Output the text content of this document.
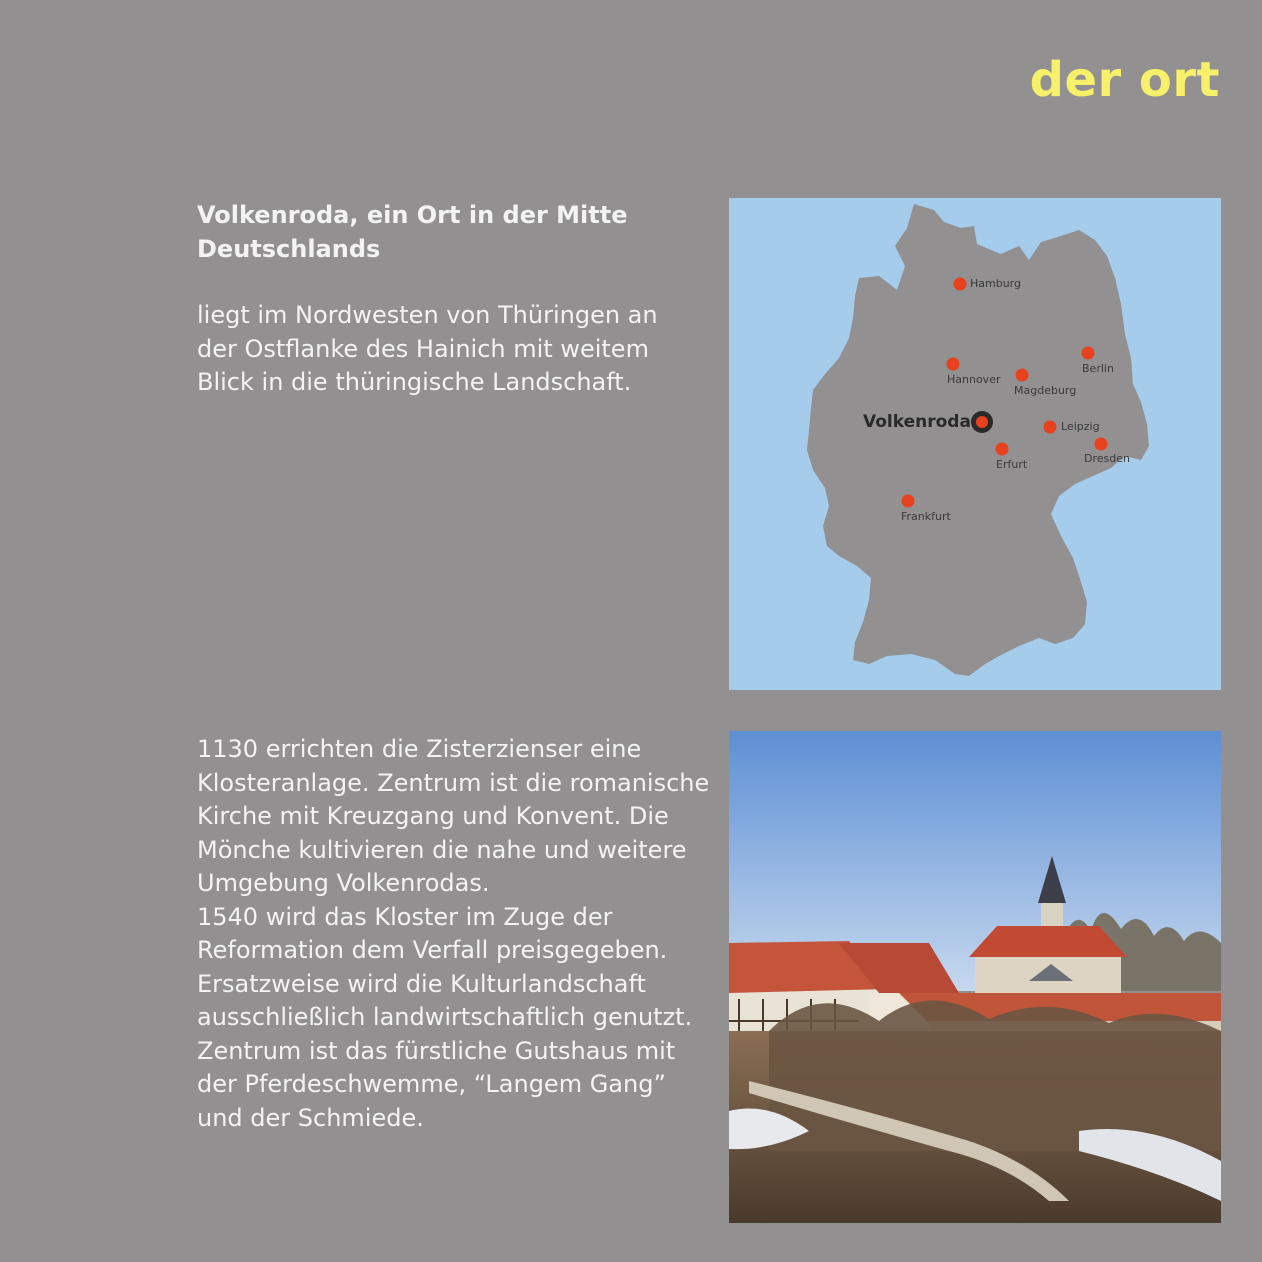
der ort

Volkenroda, ein Ort in der Mitte Deutschlands

liegt im Nordwesten von Thüringen an der Ostflanke des Hainich mit weitem Blick in die thüringische Landschaft.

1130 errichten die Zisterzienser eine Klosteranlage. Zentrum ist die romanische Kirche mit Kreuzgang und Konvent. Die Mönche kultivieren die nahe und weitere Umgebung Volkenrodas.

1540 wird das Kloster im Zuge der Reformation dem Verfall preisgegeben. Ersatzweise wird die Kulturlandschaft ausschließlich landwirtschaftlich genutzt. Zentrum ist das fürstliche Gutshaus mit der Pferdeschwemme, “Langem Gang” und der Schmiede.

Hamburg
Berlin
Hannover
Magdeburg
Volkenroda	Leipzig
Dresden
Erfurt
Frankfurt
